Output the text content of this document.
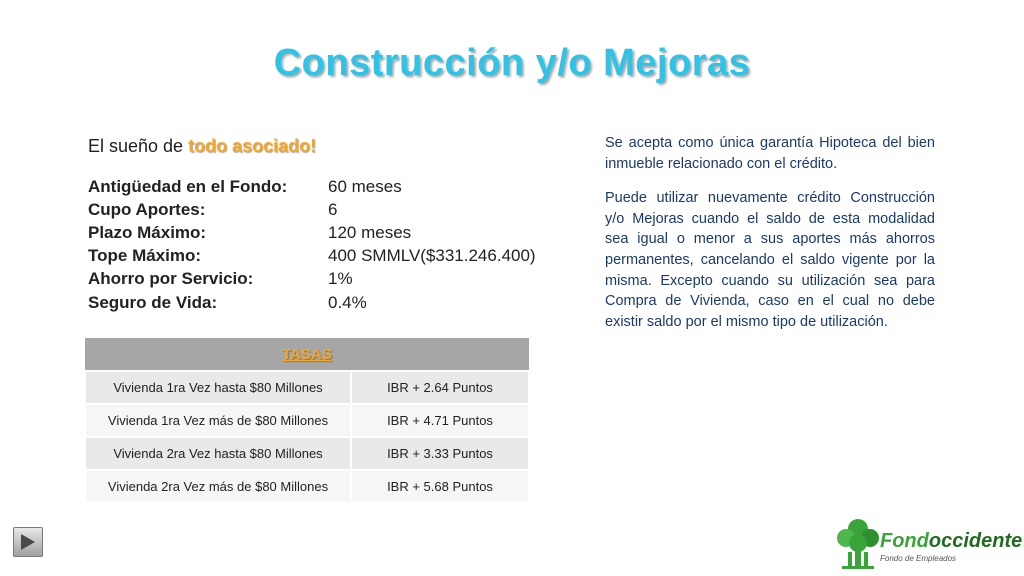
Construcción y/o Mejoras
El sueño de todo asociado!
Antigüedad en el Fondo:	60 meses
Cupo Aportes:	6
Plazo Máximo:	120 meses
Tope Máximo:	400 SMMLV($331.246.400)
Ahorro por Servicio:	1%
Seguro de Vida:	0.4%
TASAS	
Vivienda 1ra Vez hasta $80 Millones	IBR + 2.64 Puntos
Vivienda 1ra Vez más de $80 Millones	IBR + 4.71 Puntos
Vivienda 2ra Vez hasta $80 Millones	IBR + 3.33 Puntos
Vivienda 2ra Vez más de $80 Millones	IBR + 5.68 Puntos

Se acepta como única garantía Hipoteca del bien inmueble relacionado con el crédito.

Puede utilizar nuevamente crédito Construcción y/o Mejoras cuando el saldo de esta modalidad sea igual o menor a sus aportes más ahorros permanentes, cancelando el saldo vigente por la misma. Excepto cuando su utilización sea para Compra de Vivienda, caso en el cual no debe existir saldo por el mismo tipo de utilización.

Fondoccidente
Fondo de Empleados
